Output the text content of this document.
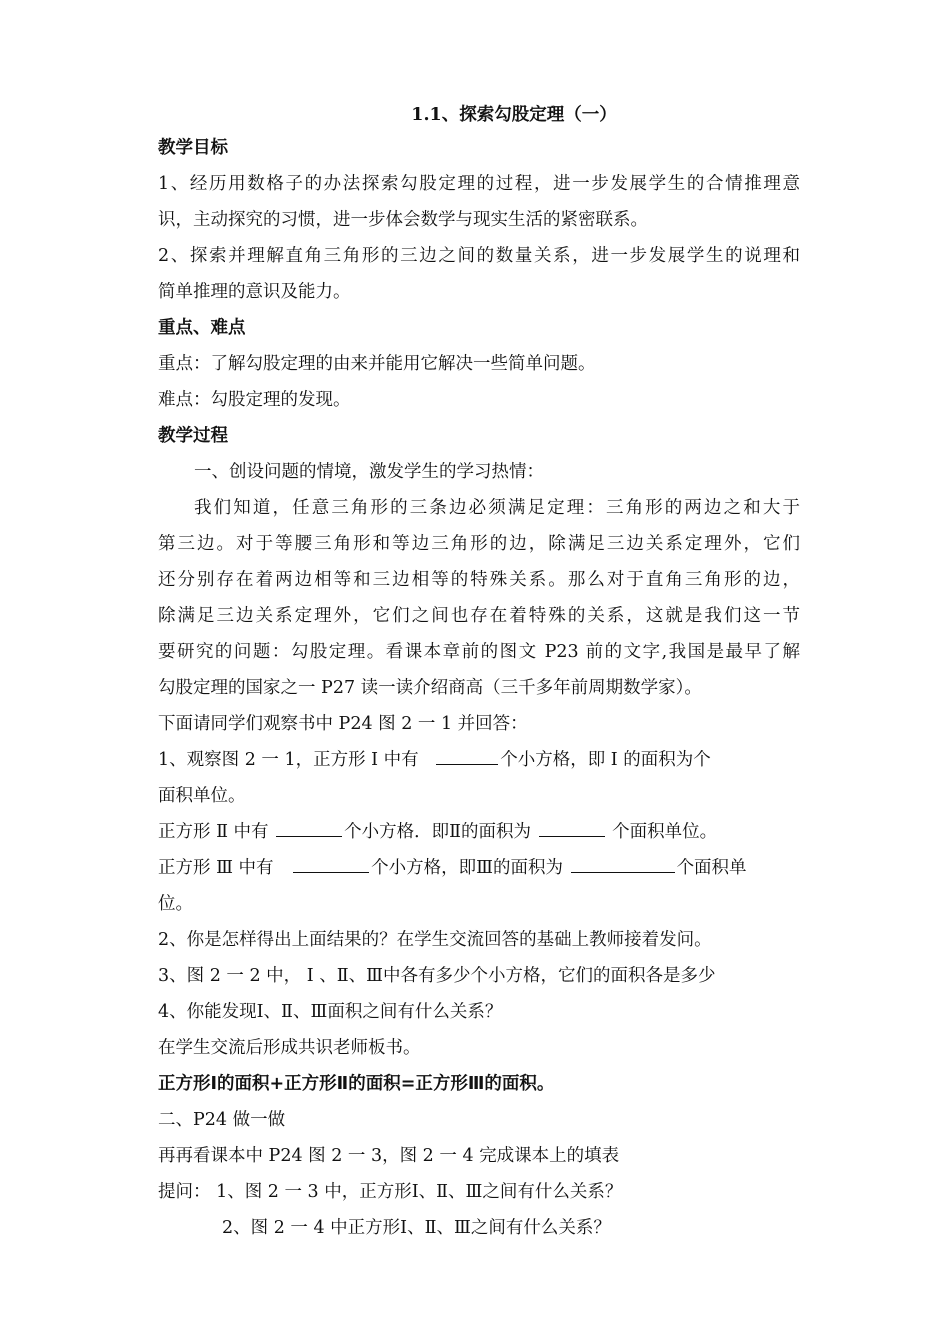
1.1、探索勾股定理（一）
教学目标
1、经历用数格子的办法探索勾股定理的过程，进一步发展学生的合情推理意
识，主动探究的习惯，进一步体会数学与现实生活的紧密联系。
2、探索并理解直角三角形的三边之间的数量关系，进一步发展学生的说理和
简单推理的意识及能力。
重点、难点
重点：了解勾股定理的由来并能用它解决一些简单问题。
难点：勾股定理的发现。
教学过程
一、创设问题的情境，激发学生的学习热情：
我们知道，任意三角形的三条边必须满足定理：三角形的两边之和大于
第三边。对于等腰三角形和等边三角形的边，除满足三边关系定理外，它们
还分别存在着两边相等和三边相等的特殊关系。那么对于直角三角形的边，
除满足三边关系定理外，它们之间也存在着特殊的关系，这就是我们这一节
要研究的问题：勾股定理。看课本章前的图文 P23 前的文字,我国是最早了解
勾股定理的国家之一 P27 读一读介绍商高（三千多年前周期数学家）。
下面请同学们观察书中 P24 图 2 一 1 并回答：
1、观察图 2 一 1，正方形 I 中有	个小方格，即 I 的面积为个
面积单位。
正方形 Ⅱ 中有	个小方格．即Ⅱ的面积为	个面积单位。
正方形 Ⅲ 中有	个小方格，即Ⅲ的面积为	个面积单
位。
2、你是怎样得出上面结果的？在学生交流回答的基础上教师接着发问。
3、图 2 一 2 中， Ⅰ 、Ⅱ、Ⅲ中各有多少个小方格，它们的面积各是多少
4、你能发现Ⅰ、Ⅱ、Ⅲ面积之间有什么关系？
在学生交流后形成共识老师板书。
正方形Ⅰ的面积+正方形Ⅱ的面积=正方形Ⅲ的面积。
二、P24 做一做
再再看课本中 P24 图 2 一 3，图 2 一 4 完成课本上的填表
提问： 1、图 2 一 3 中，正方形Ⅰ、Ⅱ、Ⅲ之间有什么关系？
2、图 2 一 4 中正方形Ⅰ、Ⅱ、Ⅲ之间有什么关系？
